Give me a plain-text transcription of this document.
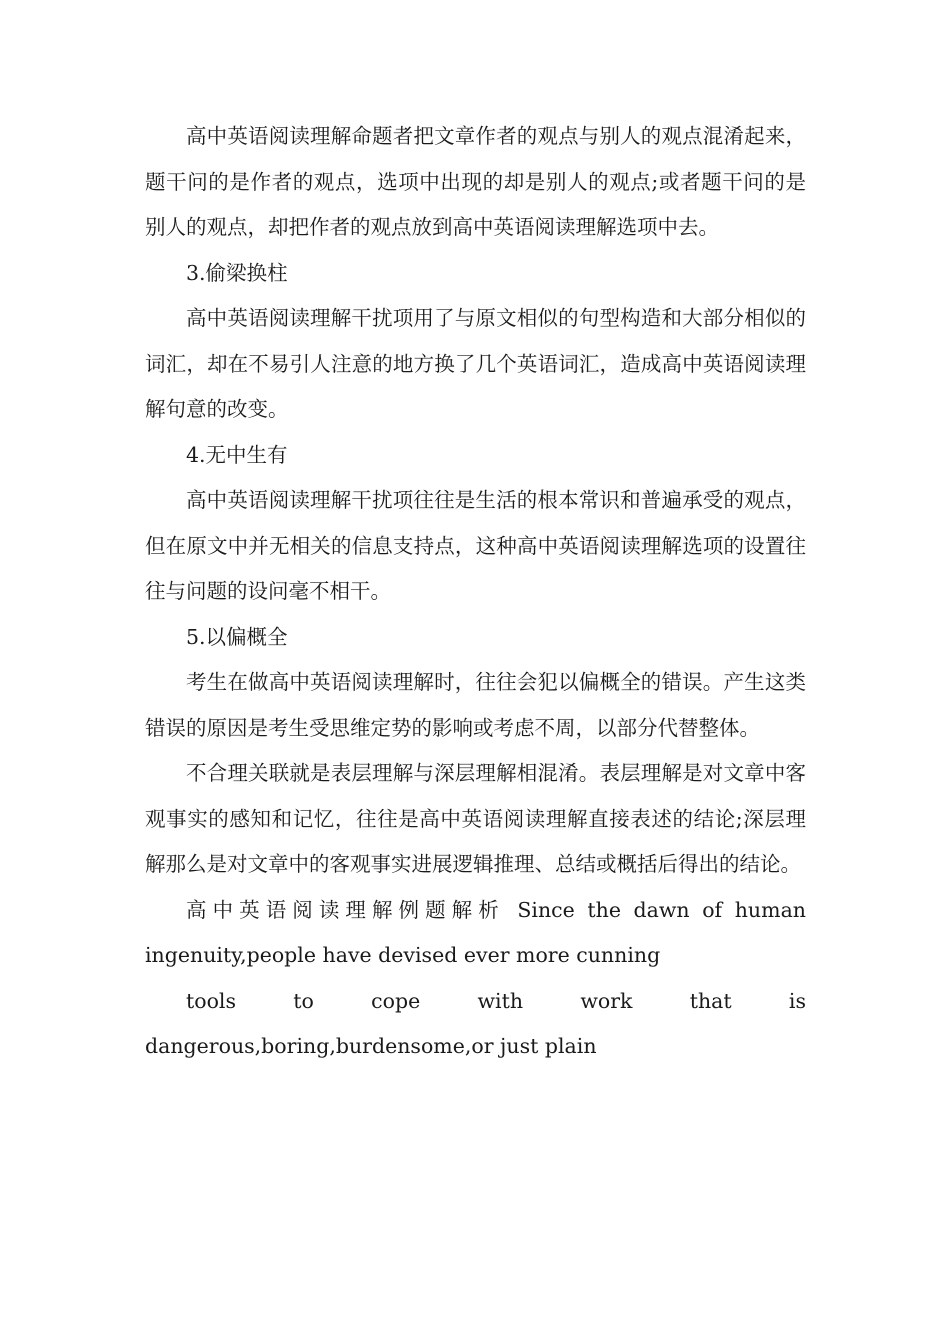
高中英语阅读理解命题者把文章作者的观点与别人的观点混淆起来，题干问的是作者的观点，选项中出现的却是别人的观点;或者题干问的是别人的观点，却把作者的观点放到高中英语阅读理解选项中去。

3.偷梁换柱

高中英语阅读理解干扰项用了与原文相似的句型构造和大部分相似的词汇，却在不易引人注意的地方换了几个英语词汇，造成高中英语阅读理解句意的改变。

4.无中生有

高中英语阅读理解干扰项往往是生活的根本常识和普遍承受的观点，但在原文中并无相关的信息支持点，这种高中英语阅读理解选项的设置往往与问题的设问毫不相干。

5.以偏概全

考生在做高中英语阅读理解时，往往会犯以偏概全的错误。产生这类错误的原因是考生受思维定势的影响或考虑不周，以部分代替整体。

不合理关联就是表层理解与深层理解相混淆。表层理解是对文章中客观事实的感知和记忆，往往是高中英语阅读理解直接表述的结论;深层理解那么是对文章中的客观事实进展逻辑推理、总结或概括后得出的结论。

高中英语阅读理解例题解析 Since the dawn of human ingenuity,people have devised ever more cunning

tools to cope with work that is dangerous,boring,burdensome,or just plain
